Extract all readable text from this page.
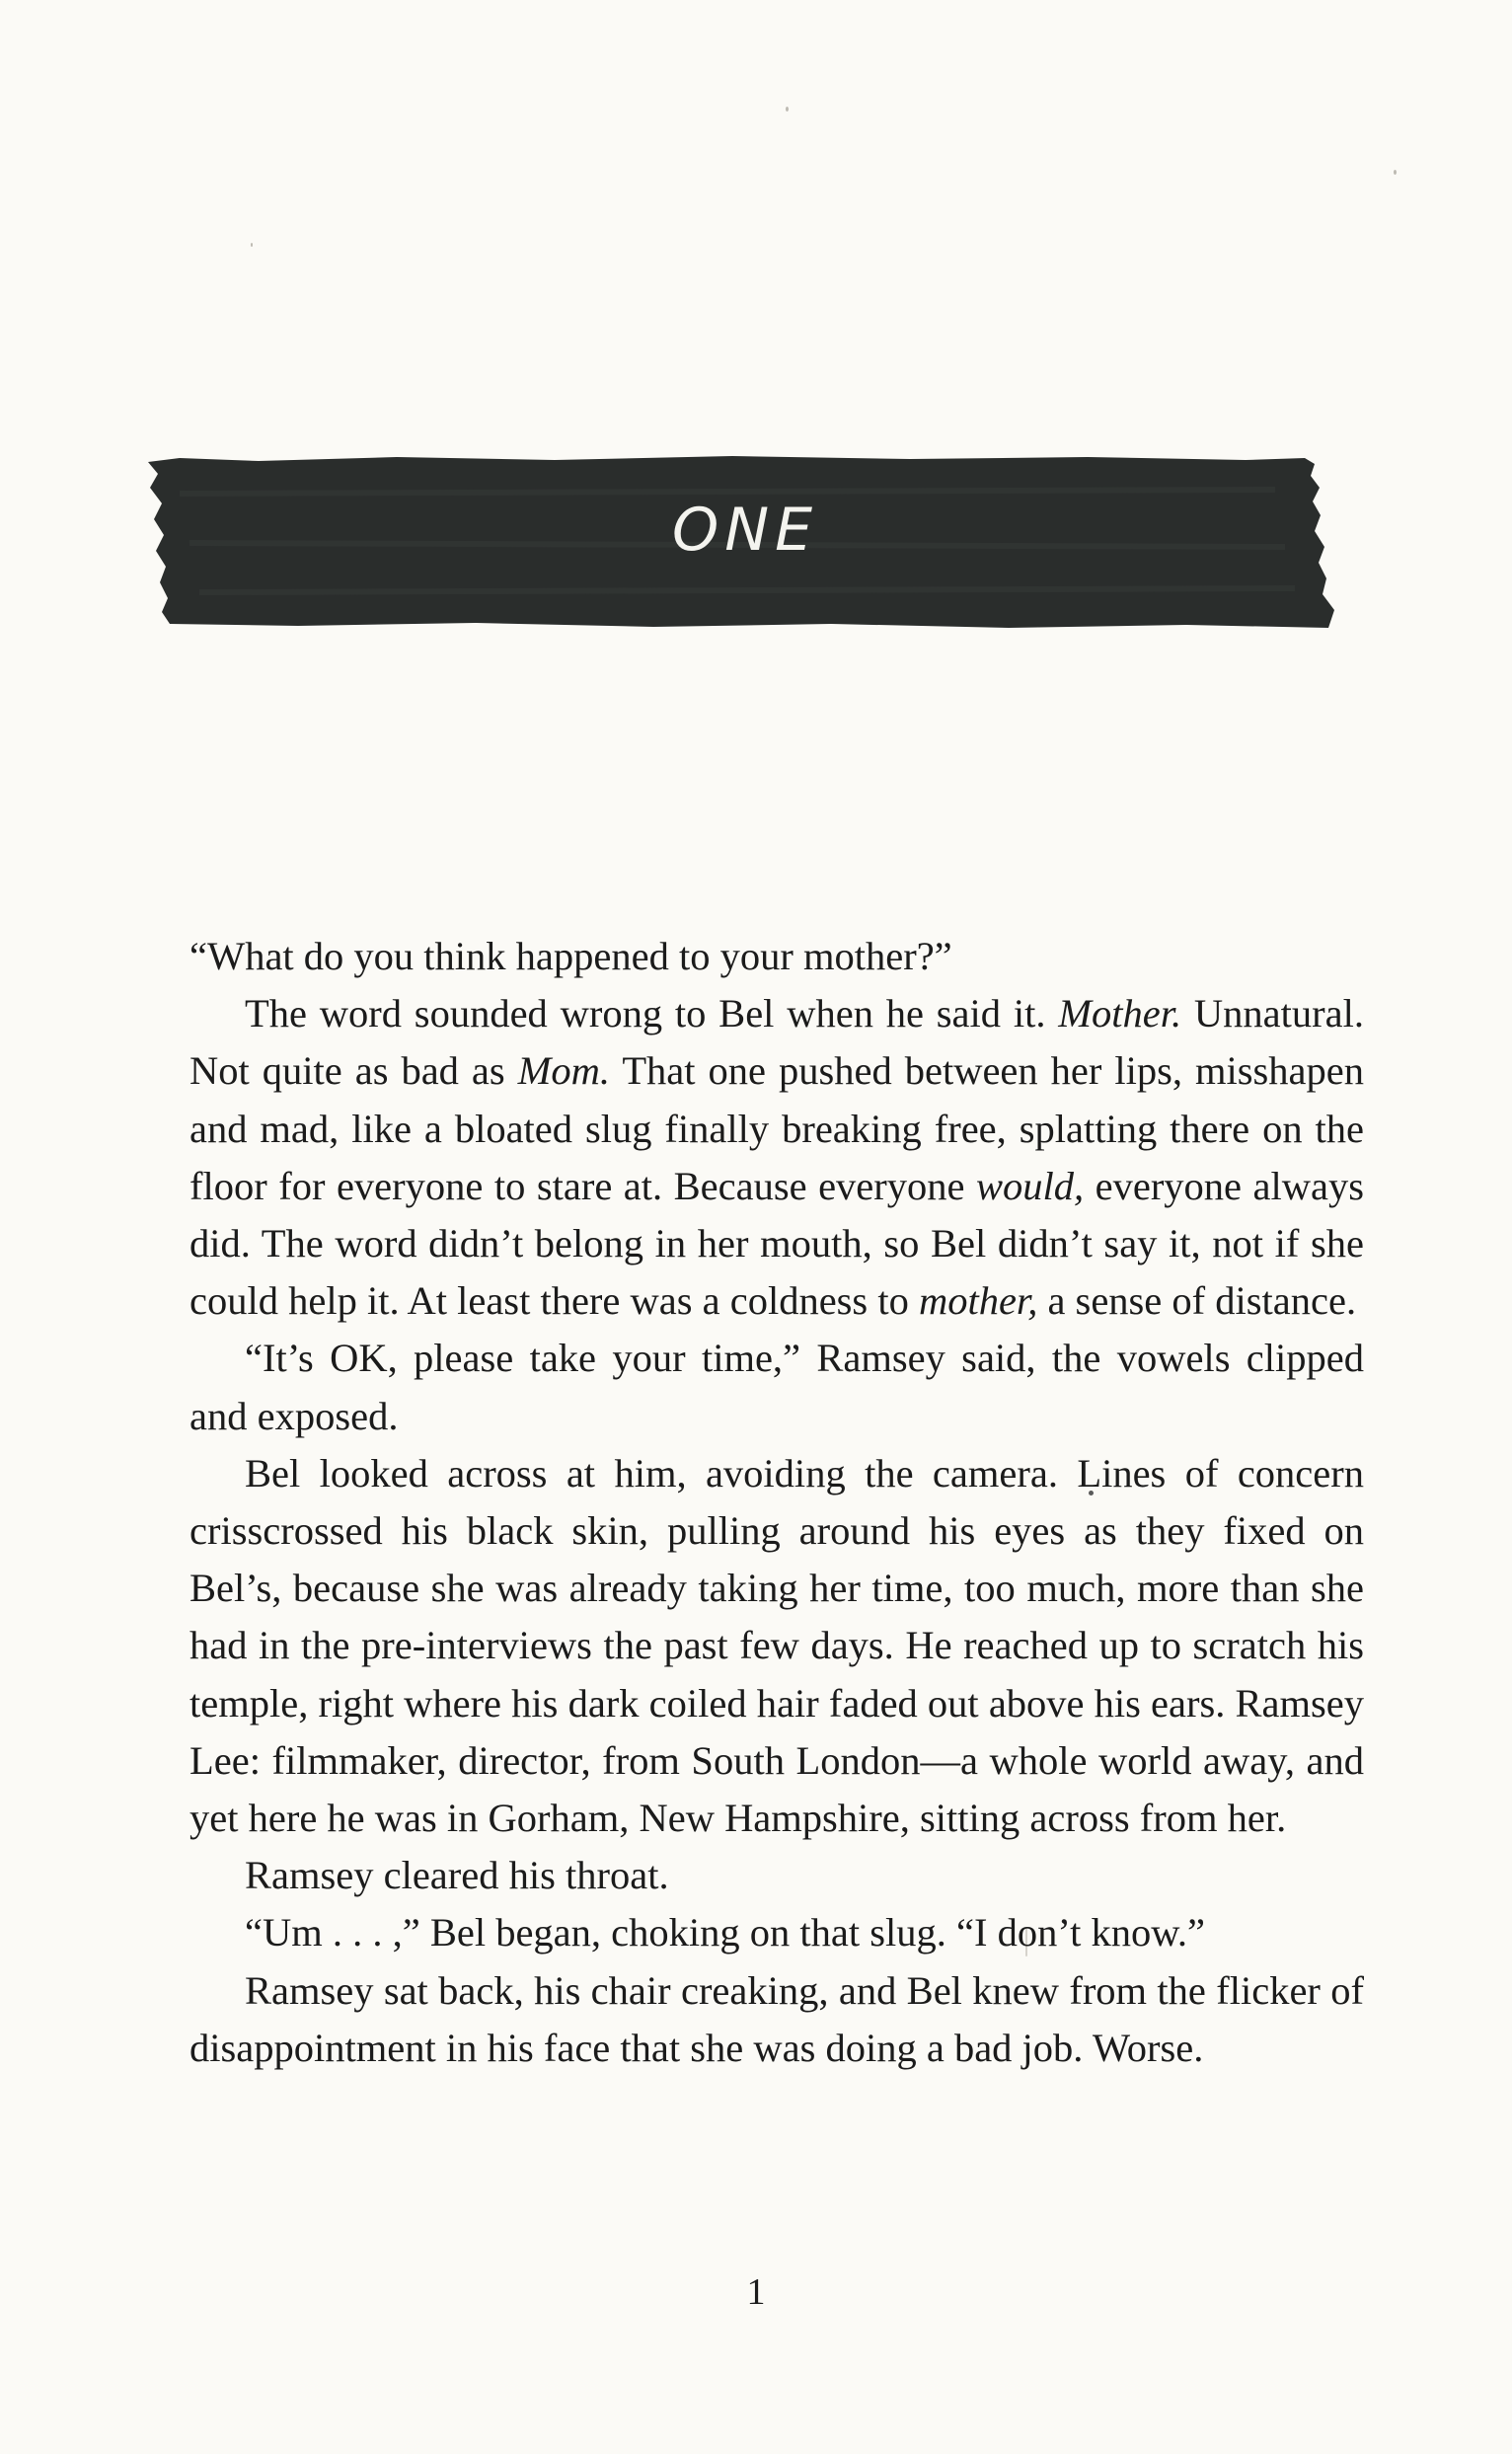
ONE

“What do you think happened to your mother?”

The word sounded wrong to Bel when he said it. Mother. Unnatural. Not quite as bad as Mom. That one pushed between her lips, misshapen and mad, like a bloated slug finally breaking free, splatting there on the floor for everyone to stare at. Because everyone would, everyone always did. The word didn’t belong in her mouth, so Bel didn’t say it, not if she could help it. At least there was a coldness to mother, a sense of distance.

“It’s OK, please take your time,” Ramsey said, the vowels clipped and exposed.

Bel looked across at him, avoiding the camera. Lines of concern crisscrossed his black skin, pulling around his eyes as they fixed on Bel’s, because she was already taking her time, too much, more than she had in the pre-interviews the past few days. He reached up to scratch his temple, right where his dark coiled hair faded out above his ears. Ramsey Lee: filmmaker, director, from South London—a whole world away, and yet here he was in Gorham, New Hampshire, sitting across from her.

Ramsey cleared his throat.

“Um . . . ,” Bel began, choking on that slug. “I don’t know.”

Ramsey sat back, his chair creaking, and Bel knew from the flicker of disappointment in his face that she was doing a bad job. Worse.

1
